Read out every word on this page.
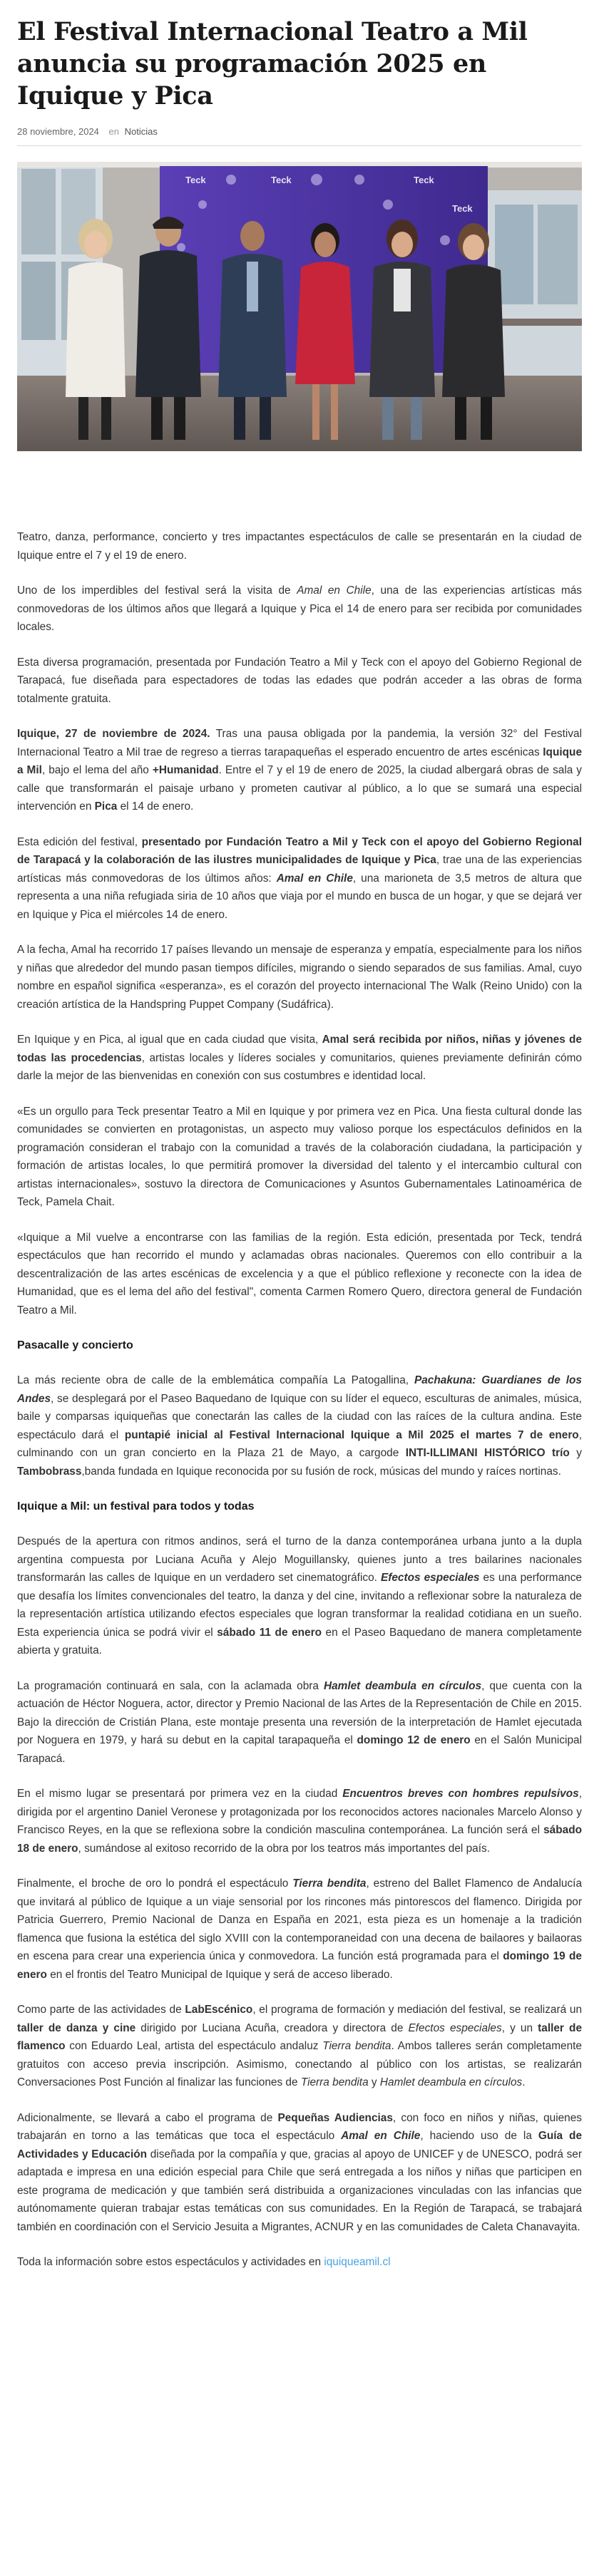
El Festival Internacional Teatro a Mil anuncia su programación 2025 en Iquique y Pica
28 noviembre, 2024 en Noticias
Teck	Teck	Teck
Teck

Teatro, danza, performance, concierto y tres impactantes espectáculos de calle se presentarán en la ciudad de Iquique entre el 7 y el 19 de enero.

Uno de los imperdibles del festival será la visita de Amal en Chile, una de las experiencias artísticas más conmovedoras de los últimos años que llegará a Iquique y Pica el 14 de enero para ser recibida por comunidades locales.

Esta diversa programación, presentada por Fundación Teatro a Mil y Teck con el apoyo del Gobierno Regional de Tarapacá, fue diseñada para espectadores de todas las edades que podrán acceder a las obras de forma totalmente gratuita.

Iquique, 27 de noviembre de 2024. Tras una pausa obligada por la pandemia, la versión 32° del Festival Internacional Teatro a Mil trae de regreso a tierras tarapaqueñas el esperado encuentro de artes escénicas Iquique a Mil, bajo el lema del año +Humanidad. Entre el 7 y el 19 de enero de 2025, la ciudad albergará obras de sala y calle que transformarán el paisaje urbano y prometen cautivar al público, a lo que se sumará una especial intervención en Pica el 14 de enero.

Esta edición del festival, presentado por Fundación Teatro a Mil y Teck con el apoyo del Gobierno Regional de Tarapacá y la colaboración de las ilustres municipalidades de Iquique y Pica, trae una de las experiencias artísticas más conmovedoras de los últimos años: Amal en Chile, una marioneta de 3,5 metros de altura que representa a una niña refugiada siria de 10 años que viaja por el mundo en busca de un hogar, y que se dejará ver en Iquique y Pica el miércoles 14 de enero.

A la fecha, Amal ha recorrido 17 países llevando un mensaje de esperanza y empatía, especialmente para los niños y niñas que alrededor del mundo pasan tiempos difíciles, migrando o siendo separados de sus familias. Amal, cuyo nombre en español significa «esperanza», es el corazón del proyecto internacional The Walk (Reino Unido) con la creación artística de la Handspring Puppet Company (Sudáfrica).

En Iquique y en Pica, al igual que en cada ciudad que visita, Amal será recibida por niños, niñas y jóvenes de todas las procedencias, artistas locales y líderes sociales y comunitarios, quienes previamente definirán cómo darle la mejor de las bienvenidas en conexión con sus costumbres e identidad local.

«Es un orgullo para Teck presentar Teatro a Mil en Iquique y por primera vez en Pica. Una fiesta cultural donde las comunidades se convierten en protagonistas, un aspecto muy valioso porque los espectáculos definidos en la programación consideran el trabajo con la comunidad a través de la colaboración ciudadana, la participación y formación de artistas locales, lo que permitirá promover la diversidad del talento y el intercambio cultural con artistas internacionales», sostuvo la directora de Comunicaciones y Asuntos Gubernamentales Latinoamérica de Teck, Pamela Chait.

«Iquique a Mil vuelve a encontrarse con las familias de la región. Esta edición, presentada por Teck, tendrá espectáculos que han recorrido el mundo y aclamadas obras nacionales. Queremos con ello contribuir a la descentralización de las artes escénicas de excelencia y a que el público reflexione y reconecte con la idea de Humanidad, que es el lema del año del festival", comenta Carmen Romero Quero, directora general de Fundación Teatro a Mil.

Pasacalle y concierto

La más reciente obra de calle de la emblemática compañía La Patogallina, Pachakuna: Guardianes de los Andes, se desplegará por el Paseo Baquedano de Iquique con su líder el equeco, esculturas de animales, música, baile y comparsas iquiqueñas que conectarán las calles de la ciudad con las raíces de la cultura andina. Este espectáculo dará el puntapié inicial al Festival Internacional Iquique a Mil 2025 el martes 7 de enero, culminando con un gran concierto en la Plaza 21 de Mayo, a cargode INTI-ILLIMANI HISTÓRICO trío y Tambobrass,banda fundada en Iquique reconocida por su fusión de rock, músicas del mundo y raíces nortinas.

Iquique a Mil: un festival para todos y todas

Después de la apertura con ritmos andinos, será el turno de la danza contemporánea urbana junto a la dupla argentina compuesta por Luciana Acuña y Alejo Moguillansky, quienes junto a tres bailarines nacionales transformarán las calles de Iquique en un verdadero set cinematográfico. Efectos especiales es una performance que desafía los límites convencionales del teatro, la danza y del cine, invitando a reflexionar sobre la naturaleza de la representación artística utilizando efectos especiales que logran transformar la realidad cotidiana en un sueño. Esta experiencia única se podrá vivir el sábado 11 de enero en el Paseo Baquedano de manera completamente abierta y gratuita.

La programación continuará en sala, con la aclamada obra Hamlet deambula en círculos, que cuenta con la actuación de Héctor Noguera, actor, director y Premio Nacional de las Artes de la Representación de Chile en 2015. Bajo la dirección de Cristián Plana, este montaje presenta una reversión de la interpretación de Hamlet ejecutada por Noguera en 1979, y hará su debut en la capital tarapaqueña el domingo 12 de enero en el Salón Municipal Tarapacá.

En el mismo lugar se presentará por primera vez en la ciudad Encuentros breves con hombres repulsivos, dirigida por el argentino Daniel Veronese y protagonizada por los reconocidos actores nacionales Marcelo Alonso y Francisco Reyes, en la que se reflexiona sobre la condición masculina contemporánea. La función será el sábado 18 de enero, sumándose al exitoso recorrido de la obra por los teatros más importantes del país.

Finalmente, el broche de oro lo pondrá el espectáculo Tierra bendita, estreno del Ballet Flamenco de Andalucía que invitará al público de Iquique a un viaje sensorial por los rincones más pintorescos del flamenco. Dirigida por Patricia Guerrero, Premio Nacional de Danza en España en 2021, esta pieza es un homenaje a la tradición flamenca que fusiona la estética del siglo XVIII con la contemporaneidad con una decena de bailaores y bailaoras en escena para crear una experiencia única y conmovedora. La función está programada para el domingo 19 de enero en el frontis del Teatro Municipal de Iquique y será de acceso liberado.

Como parte de las actividades de LabEscénico, el programa de formación y mediación del festival, se realizará un taller de danza y cine dirigido por Luciana Acuña, creadora y directora de Efectos especiales, y un taller de flamenco con Eduardo Leal, artista del espectáculo andaluz Tierra bendita. Ambos talleres serán completamente gratuitos con acceso previa inscripción. Asimismo, conectando al público con los artistas, se realizarán Conversaciones Post Función al finalizar las funciones de Tierra bendita y Hamlet deambula en círculos.

Adicionalmente, se llevará a cabo el programa de Pequeñas Audiencias, con foco en niños y niñas, quienes trabajarán en torno a las temáticas que toca el espectáculo Amal en Chile, haciendo uso de la Guía de Actividades y Educación diseñada por la compañía y que, gracias al apoyo de UNICEF y de UNESCO, podrá ser adaptada e impresa en una edición especial para Chile que será entregada a los niños y niñas que participen en este programa de medicación y que también será distribuida a organizaciones vinculadas con las infancias que autónomamente quieran trabajar estas temáticas con sus comunidades. En la Región de Tarapacá, se trabajará también en coordinación con el Servicio Jesuita a Migrantes, ACNUR y en las comunidades de Caleta Chanavayita.

Toda la información sobre estos espectáculos y actividades en iquiqueamil.cl
